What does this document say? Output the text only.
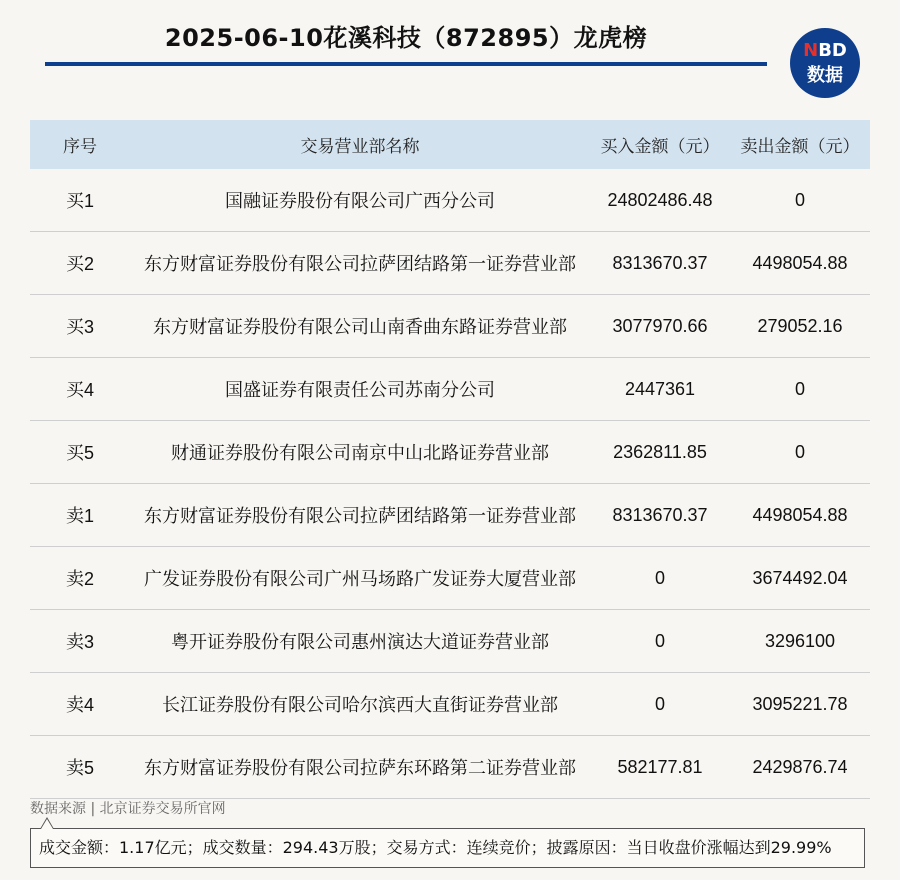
2025-06-10花溪科技（872895）龙虎榜	NBD
数据
序号	交易营业部名称	买入金额（元）	卖出金额（元）
买1	国融证券股份有限公司广西分公司	24802486.48	0
买2	东方财富证券股份有限公司拉萨团结路第一证券营业部	8313670.37	4498054.88
买3	东方财富证券股份有限公司山南香曲东路证券营业部	3077970.66	279052.16
买4	国盛证券有限责任公司苏南分公司	2447361	0
买5	财通证券股份有限公司南京中山北路证券营业部	2362811.85	0
卖1	东方财富证券股份有限公司拉萨团结路第一证券营业部	8313670.37	4498054.88
卖2	广发证券股份有限公司广州马场路广发证券大厦营业部	0	3674492.04
卖3	粤开证券股份有限公司惠州演达大道证券营业部	0	3296100
卖4	长江证券股份有限公司哈尔滨西大直街证券营业部	0	3095221.78
卖5	东方财富证券股份有限公司拉萨东环路第二证券营业部	582177.81	2429876.74
数据来源 | 北京证券交易所官网
成交金额：1.17亿元；成交数量：294.43万股；交易方式：连续竞价；披露原因：当日收盘价涨幅达到29.99%
